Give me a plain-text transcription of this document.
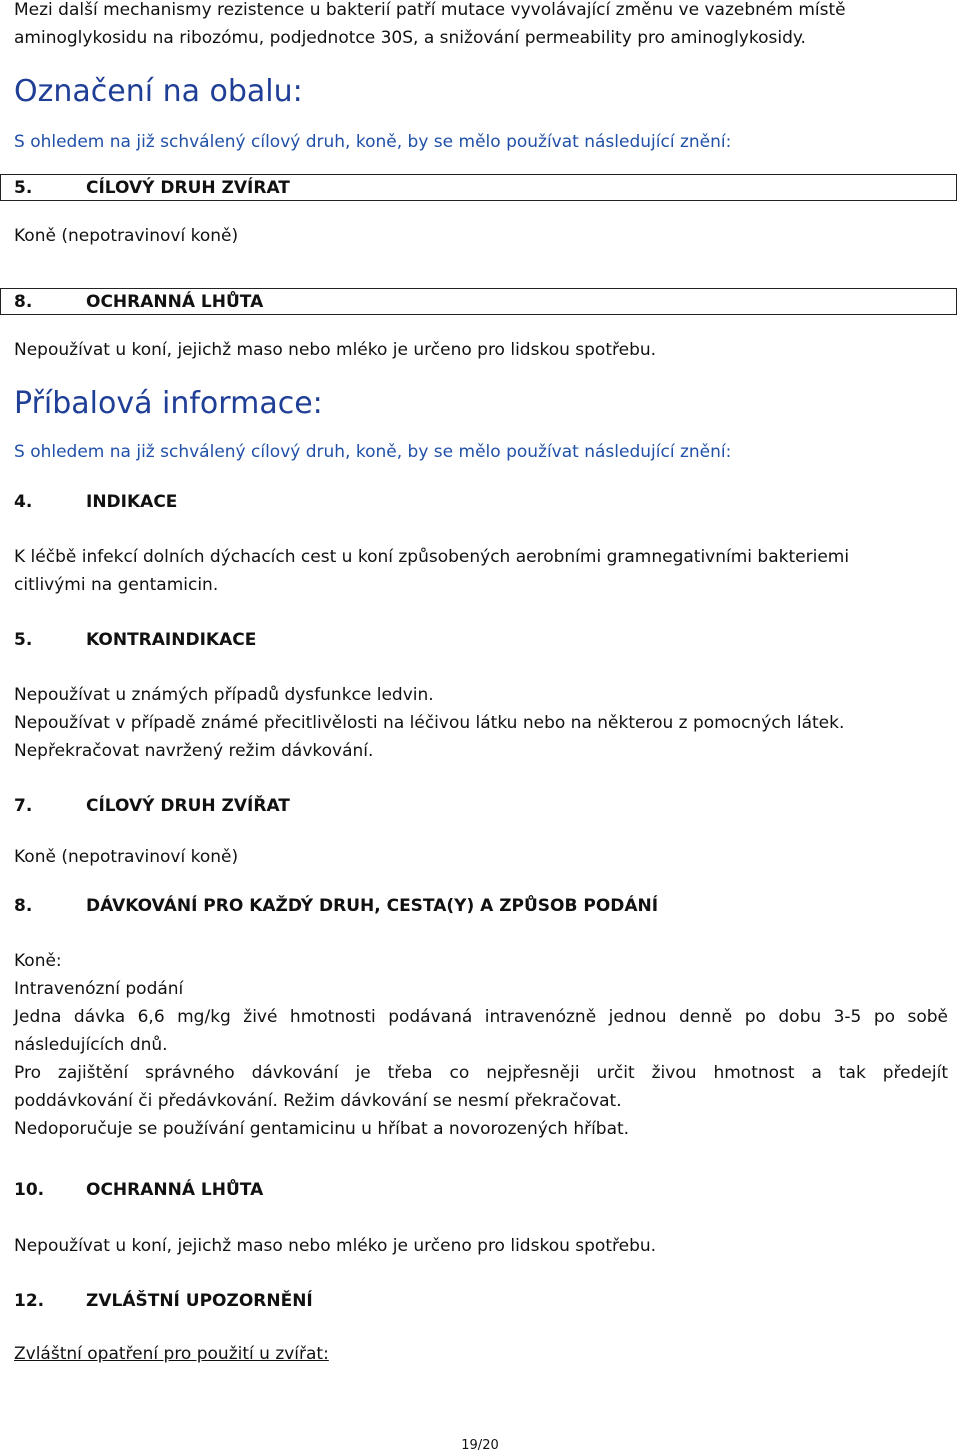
Mezi další mechanismy rezistence u bakterií patří mutace vyvolávající změnu ve vazebném místě
aminoglykosidu na ribozómu, podjednotce 30S, a snižování permeability pro aminoglykosidy.
Označení na obalu:
S ohledem na již schválený cílový druh, koně, by se mělo používat následující znění:
5.	CÍLOVÝ DRUH ZVÍRAT
Koně (nepotravinoví koně)
8.	OCHRANNÁ LHŮTA
Nepoužívat u koní, jejichž maso nebo mléko je určeno pro lidskou spotřebu.
Příbalová informace:
S ohledem na již schválený cílový druh, koně, by se mělo používat následující znění:
4.	INDIKACE
K léčbě infekcí dolních dýchacích cest u koní způsobených aerobními gramnegativními bakteriemi
citlivými na gentamicin.
5.	KONTRAINDIKACE
Nepoužívat u známých případů dysfunkce ledvin.
Nepoužívat v případě známé přecitlivělosti na léčivou látku nebo na některou z pomocných látek.
Nepřekračovat navržený režim dávkování.
7.	CÍLOVÝ DRUH ZVÍŘAT
Koně (nepotravinoví koně)
8.	DÁVKOVÁNÍ PRO KAŽDÝ DRUH, CESTA(Y) A ZPŮSOB PODÁNÍ
Koně:
Intravenózní podání
Jedna dávka 6,6 mg/kg živé hmotnosti podávaná intravenózně jednou denně po dobu 3-5 po sobě
následujících dnů.
Pro zajištění správného dávkování je třeba co nejpřesněji určit živou hmotnost a tak předejít
poddávkování či předávkování. Režim dávkování se nesmí překračovat.
Nedoporučuje se používání gentamicinu u hříbat a novorozených hříbat.
10. OCHRANNÁ LHŮTA
Nepoužívat u koní, jejichž maso nebo mléko je určeno pro lidskou spotřebu.
12. ZVLÁŠTNÍ UPOZORNĚNÍ
Zvláštní opatření pro použití u zvířat:
19/20
